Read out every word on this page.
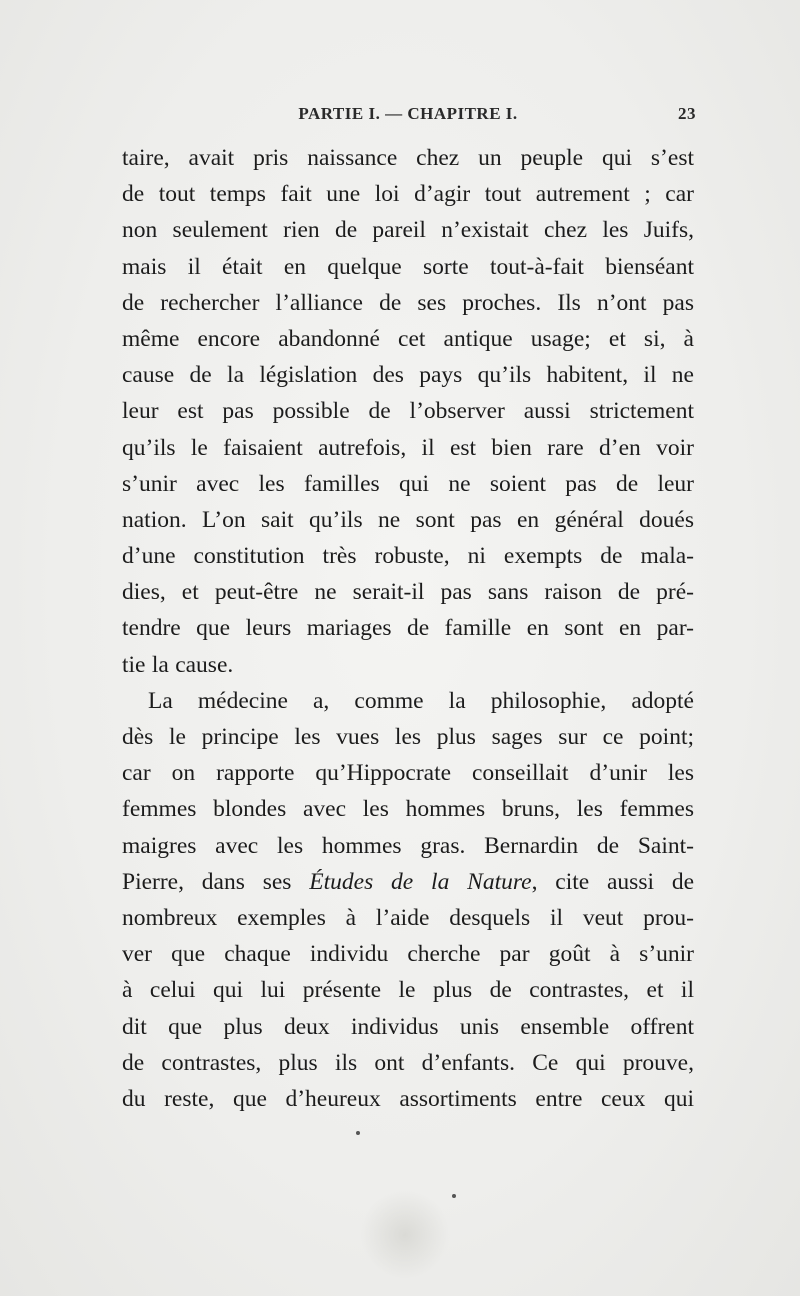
PARTIE I. — CHAPITRE I.	23
taire, avait pris naissance chez un peuple qui s’est
de tout temps fait une loi d’agir tout autrement ; car
non seulement rien de pareil n’existait chez les Juifs,
mais il était en quelque sorte tout-à-fait bienséant
de rechercher l’alliance de ses proches. Ils n’ont pas
même encore abandonné cet antique usage; et si, à
cause de la législation des pays qu’ils habitent, il ne
leur est pas possible de l’observer aussi strictement
qu’ils le faisaient autrefois, il est bien rare d’en voir
s’unir avec les familles qui ne soient pas de leur
nation. L’on sait qu’ils ne sont pas en général doués
d’une constitution très robuste, ni exempts de mala-
dies, et peut-être ne serait-il pas sans raison de pré-
tendre que leurs mariages de famille en sont en par-
tie la cause.
La médecine a, comme la philosophie, adopté
dès le principe les vues les plus sages sur ce point;
car on rapporte qu’Hippocrate conseillait d’unir les
femmes blondes avec les hommes bruns, les femmes
maigres avec les hommes gras. Bernardin de Saint-
Pierre, dans ses Études de la Nature, cite aussi de
nombreux exemples à l’aide desquels il veut prou-
ver que chaque individu cherche par goût à s’unir
à celui qui lui présente le plus de contrastes, et il
dit que plus deux individus unis ensemble offrent
de contrastes, plus ils ont d’enfants. Ce qui prouve,
du reste, que d’heureux assortiments entre ceux qui
